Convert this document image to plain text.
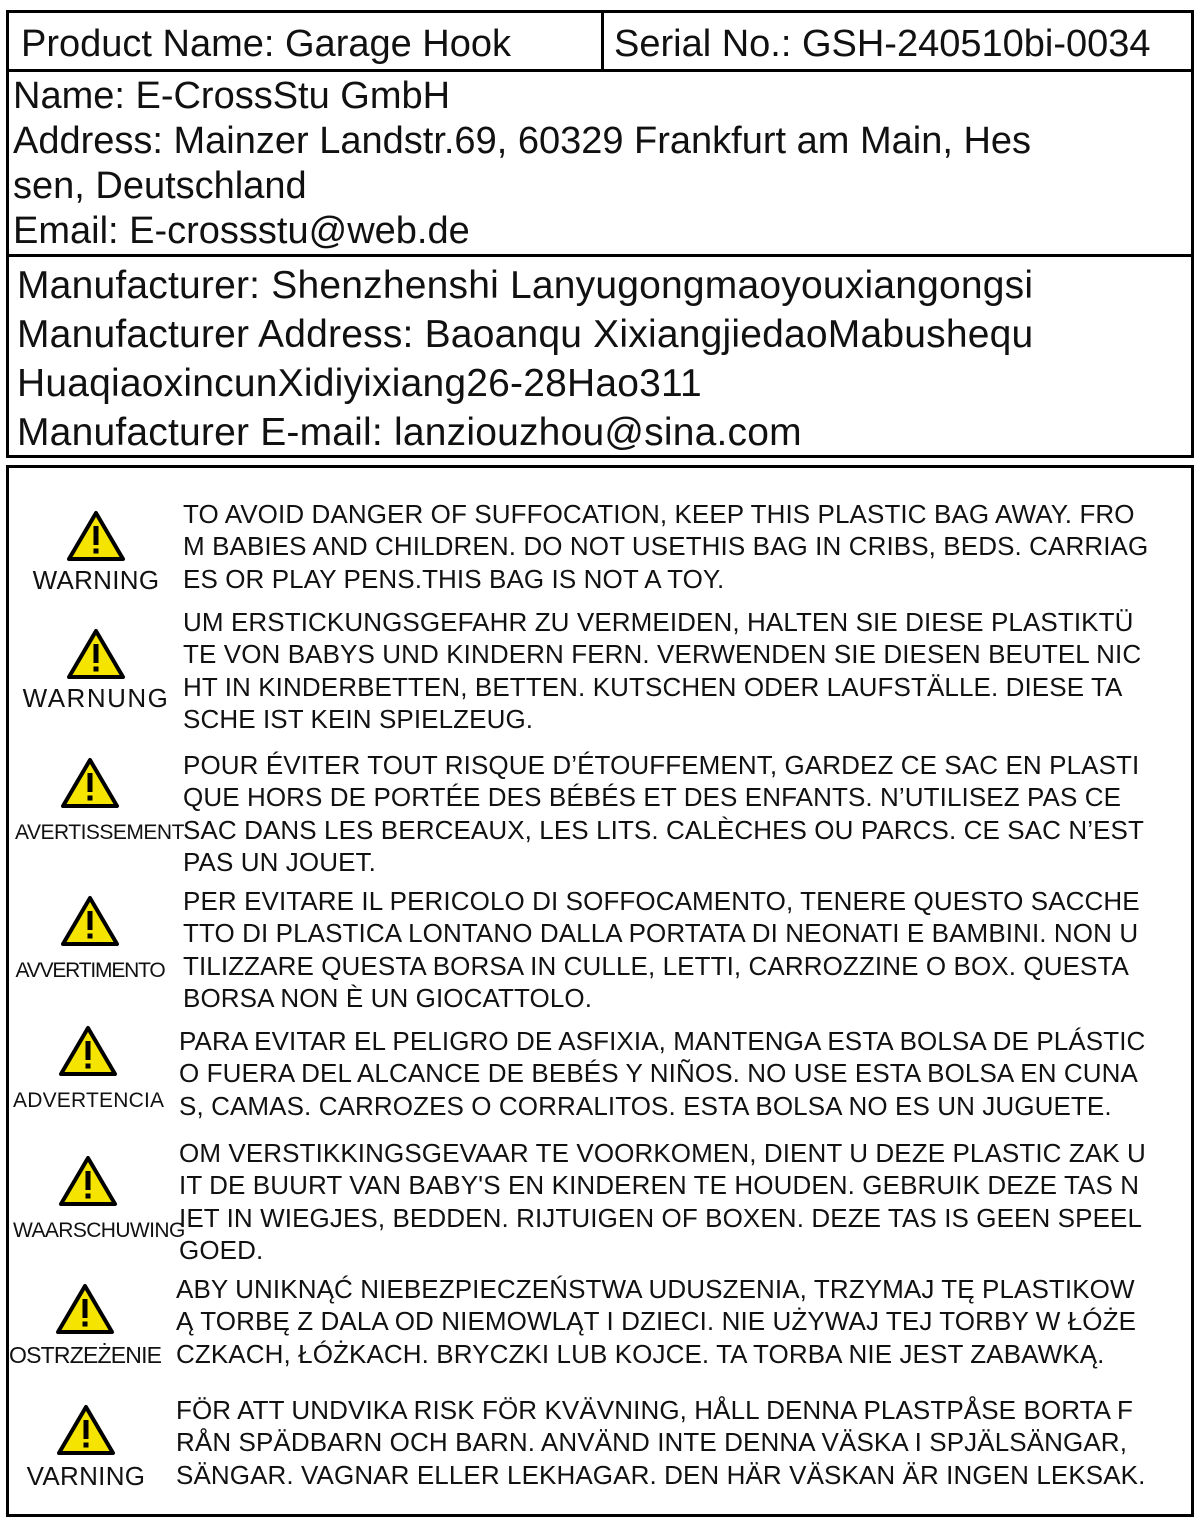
Product Name: Garage Hook	Serial No.: GSH-240510bi-0034
Name: E-CrossStu GmbH
Address: Mainzer Landstr.69, 60329 Frankfurt am Main, Hes
sen, Deutschland
Email: E-crossstu@web.de
Manufacturer: Shenzhenshi Lanyugongmaoyouxiangongsi
Manufacturer Address: Baoanqu XixiangjiedaoMabushequ
HuaqiaoxincunXidiyixiang26-28Hao311
Manufacturer E-mail: lanziouzhou@sina.com
WARNING
TO AVOID DANGER OF SUFFOCATION, KEEP THIS PLASTIC BAG AWAY. FRO
M BABIES AND CHILDREN. DO NOT USETHIS BAG IN CRIBS, BEDS. CARRIAG
ES OR PLAY PENS.THIS BAG IS NOT A TOY.
WARNUNG
UM ERSTICKUNGSGEFAHR ZU VERMEIDEN, HALTEN SIE DIESE PLASTIKTÜ
TE VON BABYS UND KINDERN FERN. VERWENDEN SIE DIESEN BEUTEL NIC
HT IN KINDERBETTEN, BETTEN. KUTSCHEN ODER LAUFSTÄLLE. DIESE TA
SCHE IST KEIN SPIELZEUG.
AVERTISSEMENT
POUR ÉVITER TOUT RISQUE D’ÉTOUFFEMENT, GARDEZ CE SAC EN PLASTI
QUE HORS DE PORTÉE DES BÉBÉS ET DES ENFANTS. N’UTILISEZ PAS CE
SAC DANS LES BERCEAUX, LES LITS. CALÈCHES OU PARCS. CE SAC N’EST
PAS UN JOUET.
AVVERTIMENTO
PER EVITARE IL PERICOLO DI SOFFOCAMENTO, TENERE QUESTO SACCHE
TTO DI PLASTICA LONTANO DALLA PORTATA DI NEONATI E BAMBINI. NON U
TILIZZARE QUESTA BORSA IN CULLE, LETTI, CARROZZINE O BOX. QUESTA
BORSA NON È UN GIOCATTOLO.
ADVERTENCIA
PARA EVITAR EL PELIGRO DE ASFIXIA, MANTENGA ESTA BOLSA DE PLÁSTIC
O FUERA DEL ALCANCE DE BEBÉS Y NIÑOS. NO USE ESTA BOLSA EN CUNA
S, CAMAS. CARROZES O CORRALITOS. ESTA BOLSA NO ES UN JUGUETE.
WAARSCHUWING
OM VERSTIKKINGSGEVAAR TE VOORKOMEN, DIENT U DEZE PLASTIC ZAK U
IT DE BUURT VAN BABY'S EN KINDEREN TE HOUDEN. GEBRUIK DEZE TAS N
IET IN WIEGJES, BEDDEN. RIJTUIGEN OF BOXEN. DEZE TAS IS GEEN SPEEL
GOED.
OSTRZEŻENIE
ABY UNIKNĄĆ NIEBEZPIECZEŃSTWA UDUSZENIA, TRZYMAJ TĘ PLASTIKOW
Ą TORBĘ Z DALA OD NIEMOWLĄT I DZIECI. NIE UŻYWAJ TEJ TORBY W ŁÓŻE
CZKACH, ŁÓŻKACH. BRYCZKI LUB KOJCE. TA TORBA NIE JEST ZABAWKĄ.
VARNING
FÖR ATT UNDVIKA RISK FÖR KVÄVNING, HÅLL DENNA PLASTPÅSE BORTA F
RÅN SPÄDBARN OCH BARN. ANVÄND INTE DENNA VÄSKA I SPJÄLSÄNGAR,
SÄNGAR. VAGNAR ELLER LEKHAGAR. DEN HÄR VÄSKAN ÄR INGEN LEKSAK.
